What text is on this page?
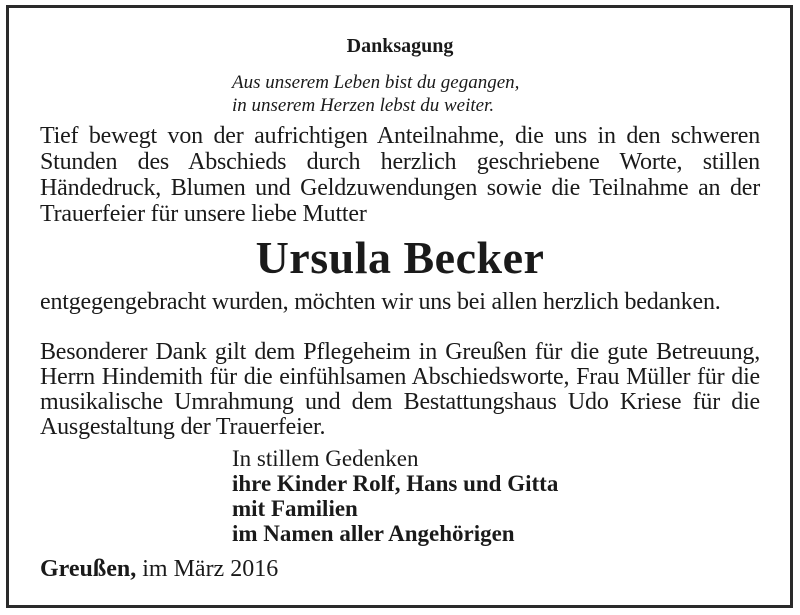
Danksagung
Aus unserem Leben bist du gegangen,
in unserem Herzen lebst du weiter.
Tief bewegt von der aufrichtigen Anteilnahme, die uns in den schweren Stunden des Abschieds durch herzlich geschriebene Worte, stillen Händedruck, Blumen und Geldzuwendungen sowie die Teilnahme an der Trauerfeier für unsere liebe Mutter
Ursula Becker
entgegengebracht wurden, möchten wir uns bei allen herzlich bedanken.
Besonderer Dank gilt dem Pflegeheim in Greußen für die gute Betreuung, Herrn Hindemith für die einfühlsamen Abschiedsworte, Frau Müller für die musikalische Umrahmung und dem Bestattungshaus Udo Kriese für die Ausgestaltung der Trauerfeier.
In stillem Gedenken
ihre Kinder Rolf, Hans und Gitta
mit Familien
im Namen aller Angehörigen
Greußen, im März 2016
